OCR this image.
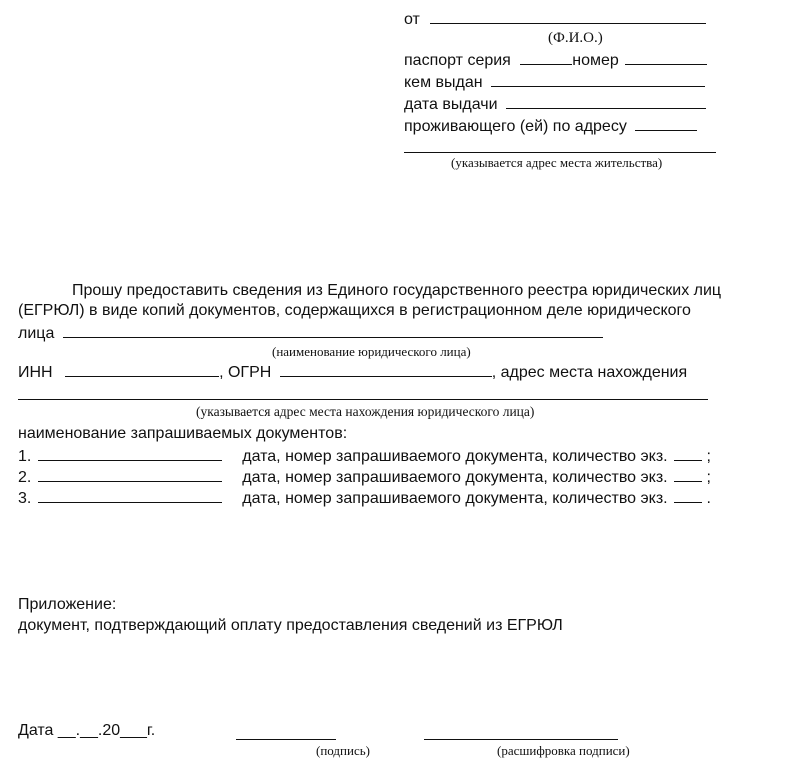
от
(Ф.И.О.)
паспорт серия	номер
кем выдан
дата выдачи
проживающего (ей) по адресу
(указывается адрес места жительства)
Прошу предоставить сведения из Единого государственного реестра юридических лиц
(ЕГРЮЛ) в виде копий документов, содержащихся в регистрационном деле юридического
лица
(наименование юридического лица)
ИНН	, ОГРН	, адрес места нахождения
(указывается адрес места нахождения юридического лица)
наименование запрашиваемых документов:
1.	дата, номер запрашиваемого документа, количество экз. ;
2.	дата, номер запрашиваемого документа, количество экз. ;
3.	дата, номер запрашиваемого документа, количество экз. .
Приложение:
документ, подтверждающий оплату предоставления сведений из ЕГРЮЛ
Дата __.__.20___г.
(подпись)	(расшифровка подписи)
